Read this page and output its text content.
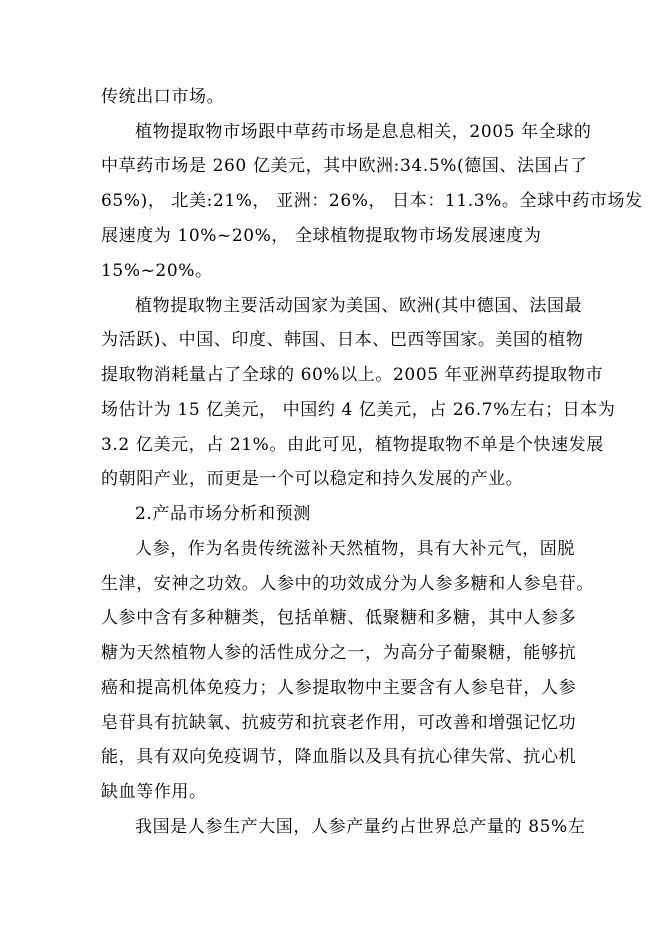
传统出口市场。
植物提取物市场跟中草药市场是息息相关，2005 年全球的
中草药市场是 260 亿美元，其中欧洲:34.5%(德国、法国占了
65%)， 北美:21%， 亚洲：26%， 日本：11.3%。全球中药市场发
展速度为 10%~20%， 全球植物提取物市场发展速度为
15%~20%。
植物提取物主要活动国家为美国、欧洲(其中德国、法国最
为活跃)、中国、印度、韩国、日本、巴西等国家。美国的植物
提取物消耗量占了全球的 60%以上。2005 年亚洲草药提取物市
场估计为 15 亿美元， 中国约 4 亿美元，占 26.7%左右；日本为
3.2 亿美元，占 21%。由此可见，植物提取物不单是个快速发展
的朝阳产业，而更是一个可以稳定和持久发展的产业。
2.产品市场分析和预测
人参，作为名贵传统滋补天然植物，具有大补元气，固脱
生津，安神之功效。人参中的功效成分为人参多糖和人参皂苷。
人参中含有多种糖类，包括单糖、低聚糖和多糖，其中人参多
糖为天然植物人参的活性成分之一，为高分子葡聚糖，能够抗
癌和提高机体免疫力；人参提取物中主要含有人参皂苷，人参
皂苷具有抗缺氧、抗疲劳和抗衰老作用，可改善和增强记忆功
能，具有双向免疫调节，降血脂以及具有抗心律失常、抗心机
缺血等作用。
我国是人参生产大国，人参产量约占世界总产量的 85%左
